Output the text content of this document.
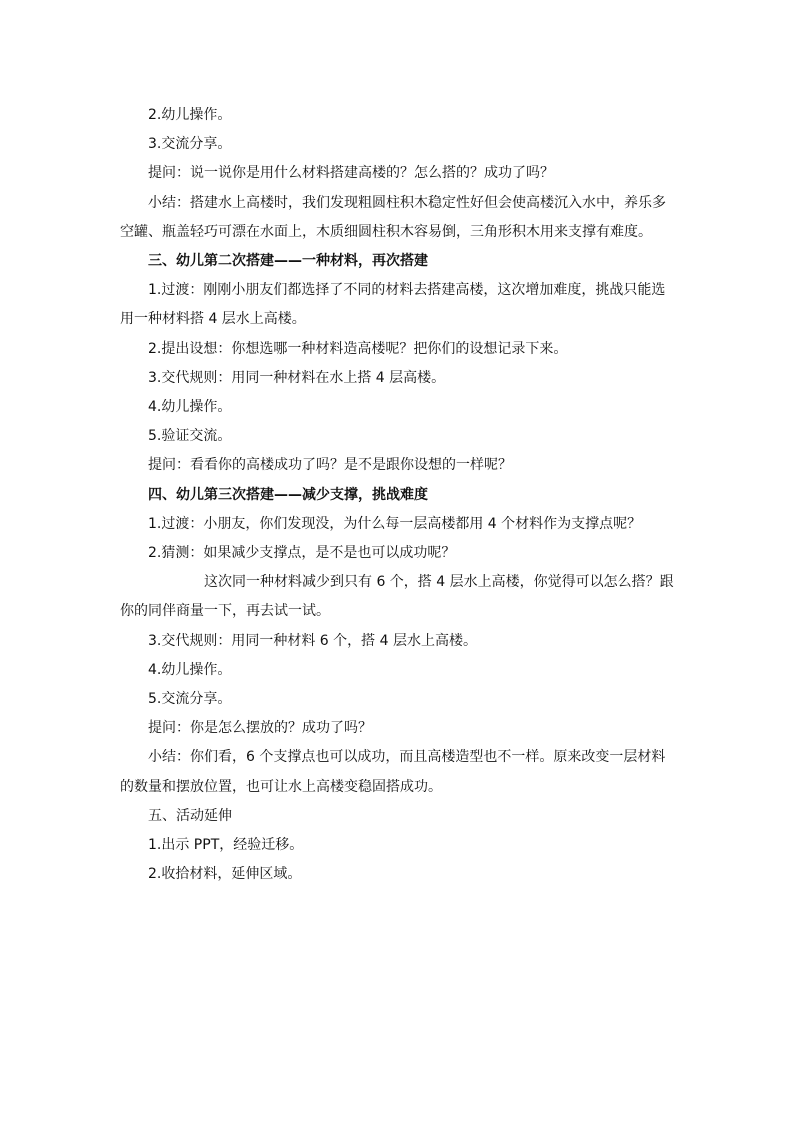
2.幼儿操作。

3.交流分享。

提问：说一说你是用什么材料搭建高楼的？怎么搭的？成功了吗？

小结：搭建水上高楼时，我们发现粗圆柱积木稳定性好但会使高楼沉入水中，养乐多空罐、瓶盖轻巧可漂在水面上，木质细圆柱积木容易倒，三角形积木用来支撑有难度。

三、幼儿第二次搭建——一种材料，再次搭建

1.过渡：刚刚小朋友们都选择了不同的材料去搭建高楼，这次增加难度，挑战只能选用一种材料搭 4 层水上高楼。

2.提出设想：你想选哪一种材料造高楼呢？把你们的设想记录下来。

3.交代规则：用同一种材料在水上搭 4 层高楼。

4.幼儿操作。

5.验证交流。

提问：看看你的高楼成功了吗？是不是跟你设想的一样呢？

四、幼儿第三次搭建——减少支撑，挑战难度

1.过渡：小朋友，你们发现没，为什么每一层高楼都用 4 个材料作为支撑点呢？

2.猜测：如果减少支撑点，是不是也可以成功呢？

这次同一种材料减少到只有 6 个，搭 4 层水上高楼，你觉得可以怎么搭？跟你的同伴商量一下，再去试一试。

3.交代规则：用同一种材料 6 个，搭 4 层水上高楼。

4.幼儿操作。

5.交流分享。

提问：你是怎么摆放的？成功了吗？

小结：你们看，6 个支撑点也可以成功，而且高楼造型也不一样。原来改变一层材料的数量和摆放位置，也可让水上高楼变稳固搭成功。

五、活动延伸

1.出示 PPT，经验迁移。

2.收拾材料，延伸区域。
